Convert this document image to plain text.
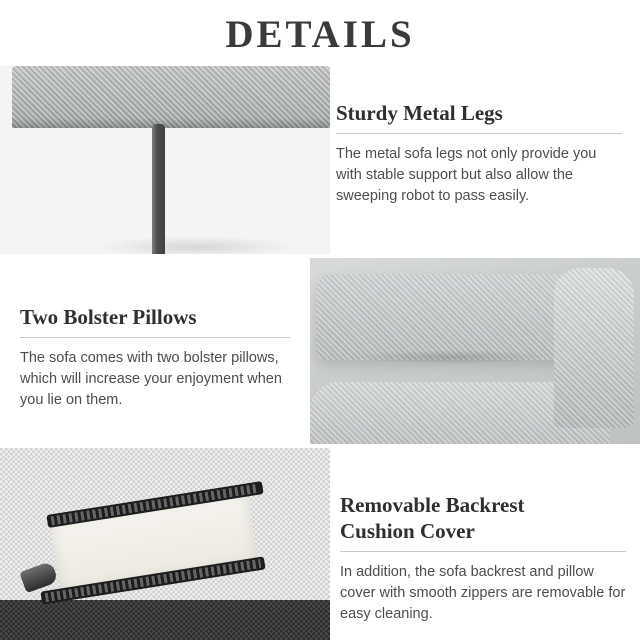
DETAILS
Sturdy Metal Legs
The metal sofa legs not only provide you with stable support but also allow the sweeping robot to pass easily.
Two Bolster Pillows
The sofa comes with two bolster pillows, which will increase your enjoyment when you lie on them.
Removable Backrest
Cushion Cover
In addition, the sofa backrest and pillow cover with smooth zippers are removable for easy cleaning.
